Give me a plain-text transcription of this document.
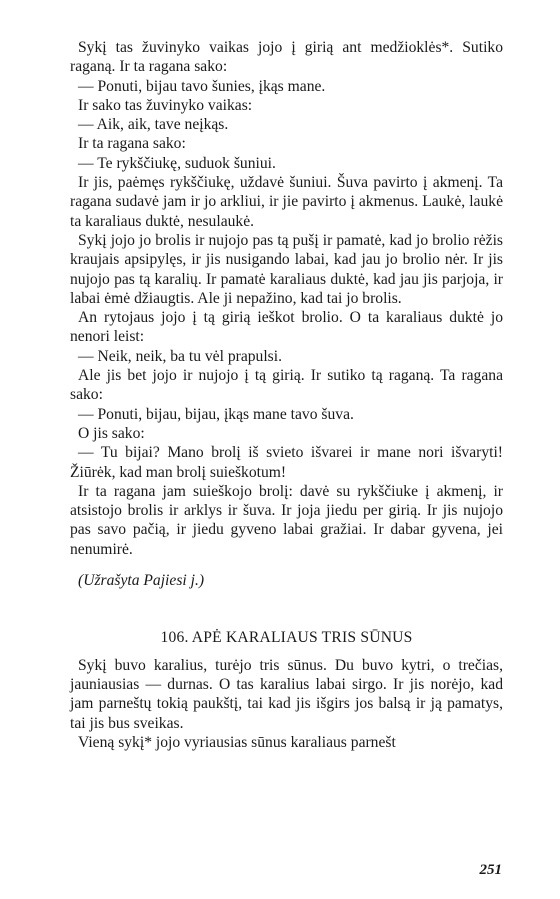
Sykį tas žuvinyko vaikas jojo į girią ant medžioklės*. Sutiko raganą. Ir ta ragana sako:

— Ponuti, bijau tavo šunies, įkąs mane.

Ir sako tas žuvinyko vaikas:

— Aik, aik, tave neįkąs.

Ir ta ragana sako:

— Te rykščiukę, suduok šuniui.

Ir jis, paėmęs rykščiukę, uždavė šuniui. Šuva pavirto į akmenį. Ta ragana sudavė jam ir jo arkliui, ir jie pavirto į akmenus. Laukė, laukė ta karaliaus duktė, nesulaukė.

Sykį jojo jo brolis ir nujojo pas tą pušį ir pamatė, kad jo brolio rėžis kraujais apsipylęs, ir jis nusigando labai, kad jau jo brolio nėr. Ir jis nujojo pas tą karalių. Ir pamatė karaliaus duktė, kad jau jis parjoja, ir labai ėmė džiaugtis. Ale ji nepažino, kad tai jo brolis.

An rytojaus jojo į tą girią ieškot brolio. O ta karaliaus duktė jo nenori leist:

— Neik, neik, ba tu vėl prapulsi.

Ale jis bet jojo ir nujojo į tą girią. Ir sutiko tą raganą. Ta ragana sako:

— Ponuti, bijau, bijau, įkąs mane tavo šuva.

O jis sako:

— Tu bijai? Mano brolį iš svieto išvarei ir mane nori išvaryti! Žiūrėk, kad man brolį suieškotum!

Ir ta ragana jam suieškojo brolį: davė su rykščiuke į akmenį, ir atsistojo brolis ir arklys ir šuva. Ir joja jiedu per girią. Ir jis nujojo pas savo pačią, ir jiedu gyveno labai gražiai. Ir dabar gyvena, jei nenumirė.

(Užrašyta Pajiesi j.)

106. APĖ KARALIAUS TRIS SŪNUS

Sykį buvo karalius, turėjo tris sūnus. Du buvo kytri, o trečias, jauniausias — durnas. O tas karalius labai sirgo. Ir jis norėjo, kad jam parneštų tokią paukštį, tai kad jis išgirs jos balsą ir ją pamatys, tai jis bus sveikas.

Vieną sykį* jojo vyriausias sūnus karaliaus parnešt

251
